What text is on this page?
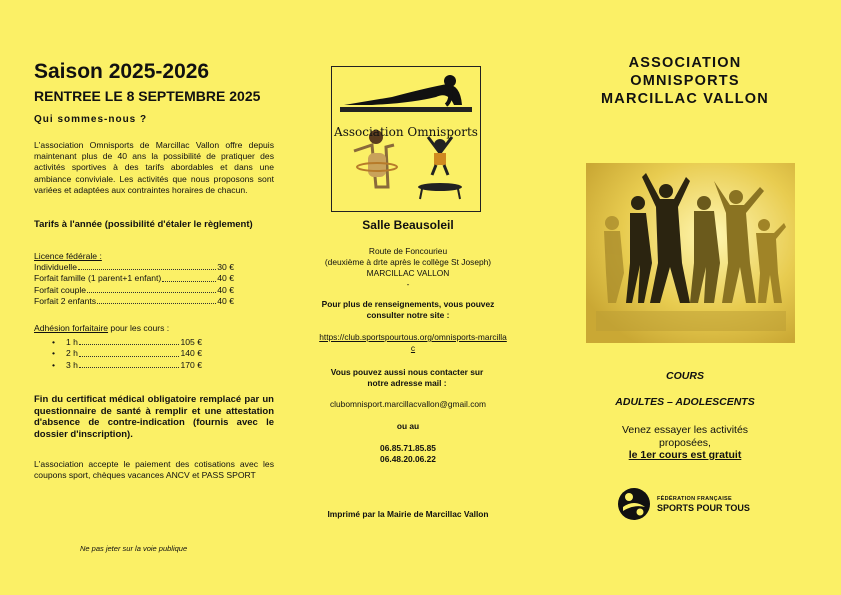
Saison 2025-2026
RENTREE LE 8 SEPTEMBRE 2025
Qui sommes-nous ?
L'association Omnisports de Marcillac Vallon offre depuis maintenant plus de 40 ans la possibilité de pratiquer des activités sportives à des tarifs abordables et dans une ambiance conviviale. Les activités que nous proposons sont variées et adaptées aux contraintes horaires de chacun.
Tarifs à l'année (possibilité d'étaler le règlement)
Licence fédérale :
Individuelle	30 €
Forfait famille (1 parent+1 enfant)	40 €
Forfait couple	40 €
Forfait 2 enfants	40 €
Adhésion forfaitaire pour les cours :
•	1 h	105 €
•	2 h	140 €
•	3 h	170 €
Fin du certificat médical obligatoire remplacé par un questionnaire de santé à remplir et une attestation d'absence de contre-indication (fournis avec le dossier d'inscription).
L'association accepte le paiement des cotisations avec les coupons sport, chèques vacances ANCV et PASS SPORT
Ne pas jeter sur la voie publique
Association Omnisports
Salle Beausoleil
Route de Foncourieu
(deuxième à drte après le collège St Joseph)
MARCILLAC VALLON
-
Pour plus de renseignements, vous pouvez consulter notre site :
https://club.sportspourtous.org/omnisports-marcillac
Vous pouvez aussi nous contacter sur notre adresse mail :
clubomnisport.marcillacvallon@gmail.com
ou au
06.85.71.85.85
06.48.20.06.22
Imprimé par la Mairie de Marcillac Vallon
ASSOCIATION
OMNISPORTS
MARCILLAC VALLON
COURS
ADULTES – ADOLESCENTS
Venez essayer les activités
proposées,
le 1er cours est gratuit
FÉDÉRATION FRANÇAISE
SPORTS POUR TOUS
